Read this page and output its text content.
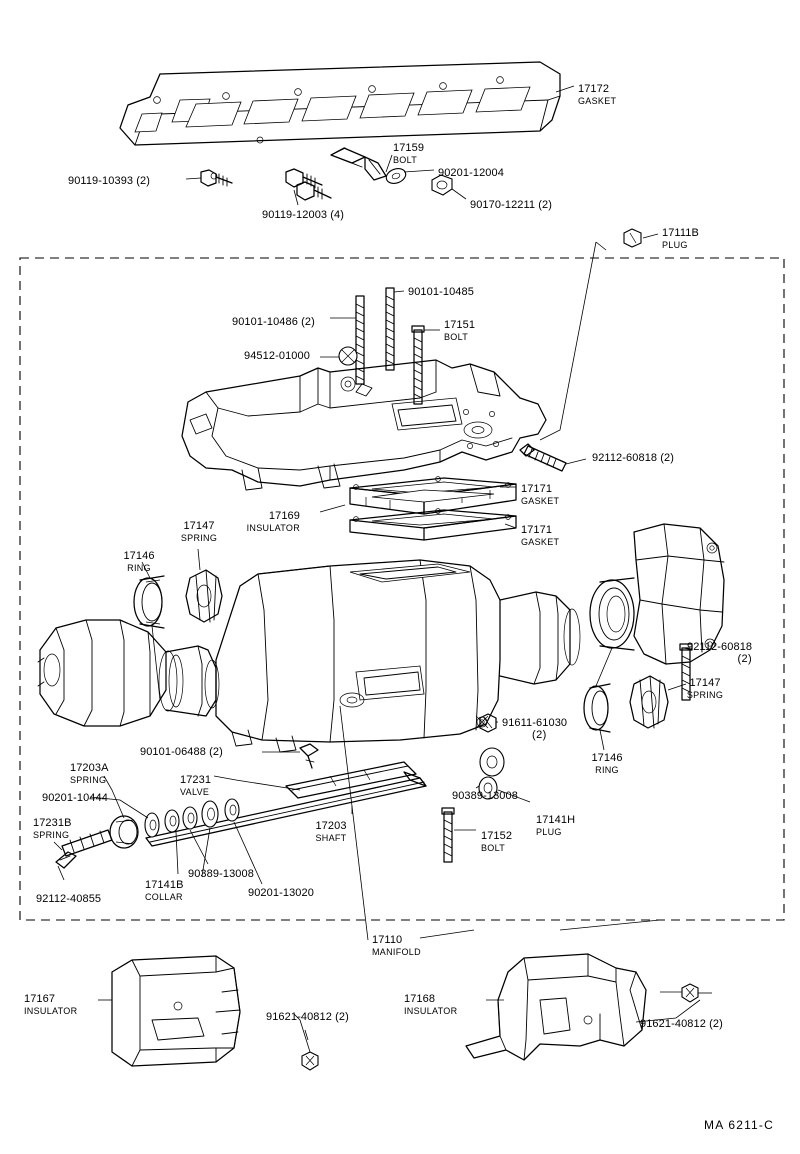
17172
GASKET
17159
BOLT
90201-12004
90170-12211 (2)
90119-10393 (2)
90119-12003 (4)
17111B
PLUG
90101-10485
90101-10486 (2)	17151
BOLT
94512-01000
92112-60818 (2)
17171
GASKET
17169
INSULATOR	17171
GASKET
17147
SPRING
17146
RING
92112-60818
(2)
17147
SPRING
17146
RING
91611-61030
(2)
90101-06488 (2)
17203A
SPRING	17231
VALVE
90201-10444	90389-13008
17141H
PLUG
17231B
SPRING
17203
SHAFT	17152
BOLT
90389-13008
17141B
COLLAR	90201-13020
92112-40855
17110
MANIFOLD
17167
INSULATOR
91621-40812 (2)
17168
INSULATOR
91621-40812 (2)
MA 6211-C
